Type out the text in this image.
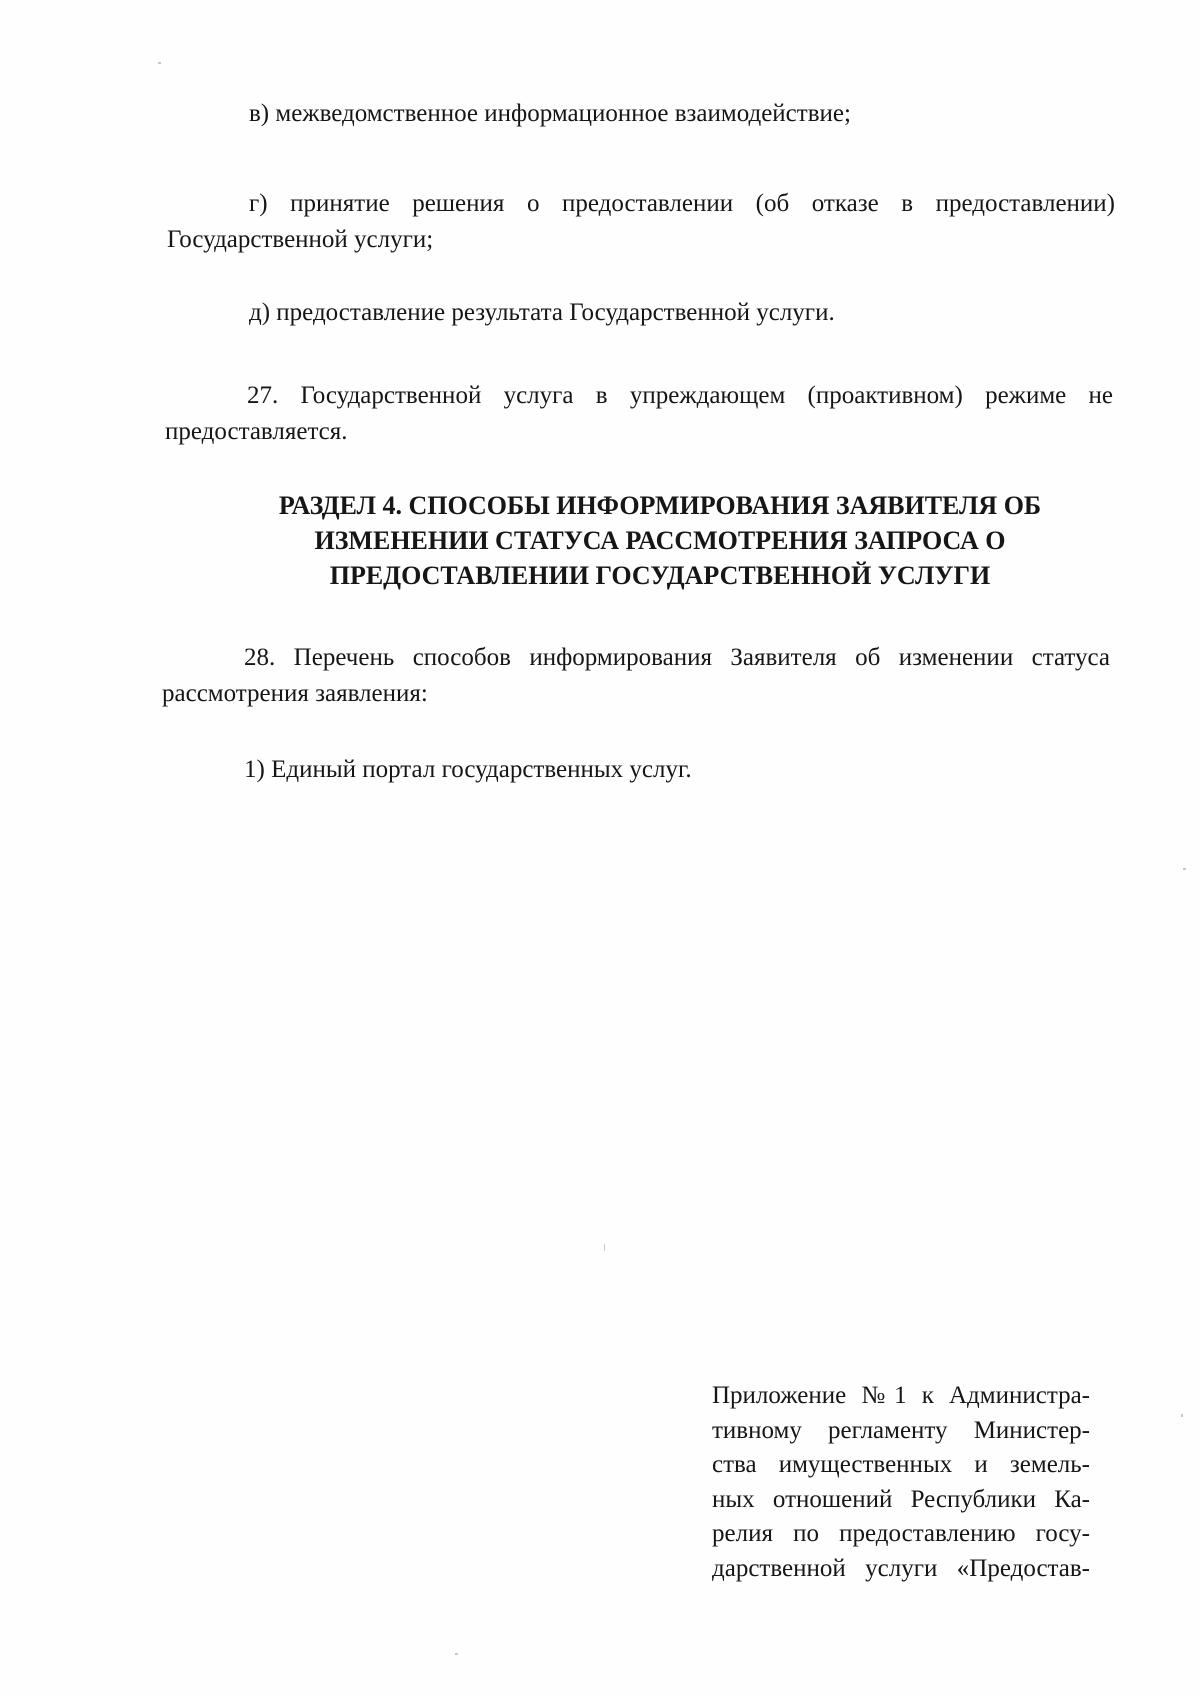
в) межведомственное информационное взаимодействие;

г) принятие решения о предоставлении (об отказе в предоставлении) Государственной услуги;

д) предоставление результата Государственной услуги.

27. Государственной услуга в упреждающем (проактивном) режиме не предоставляется.

РАЗДЕЛ 4. СПОСОБЫ ИНФОРМИРОВАНИЯ ЗАЯВИТЕЛЯ ОБ
ИЗМЕНЕНИИ СТАТУСА РАССМОТРЕНИЯ ЗАПРОСА О
ПРЕДОСТАВЛЕНИИ ГОСУДАРСТВЕННОЙ УСЛУГИ

28. Перечень способов информирования Заявителя об изменении статуса рассмотрения заявления:

1) Единый портал государственных услуг.

Приложение №1 к Администра-
тивному регламенту Министер-
ства имущественных и земель-
ных отношений Республики Ка-
релия по предоставлению госу-
дарственной услуги «Предостав-
